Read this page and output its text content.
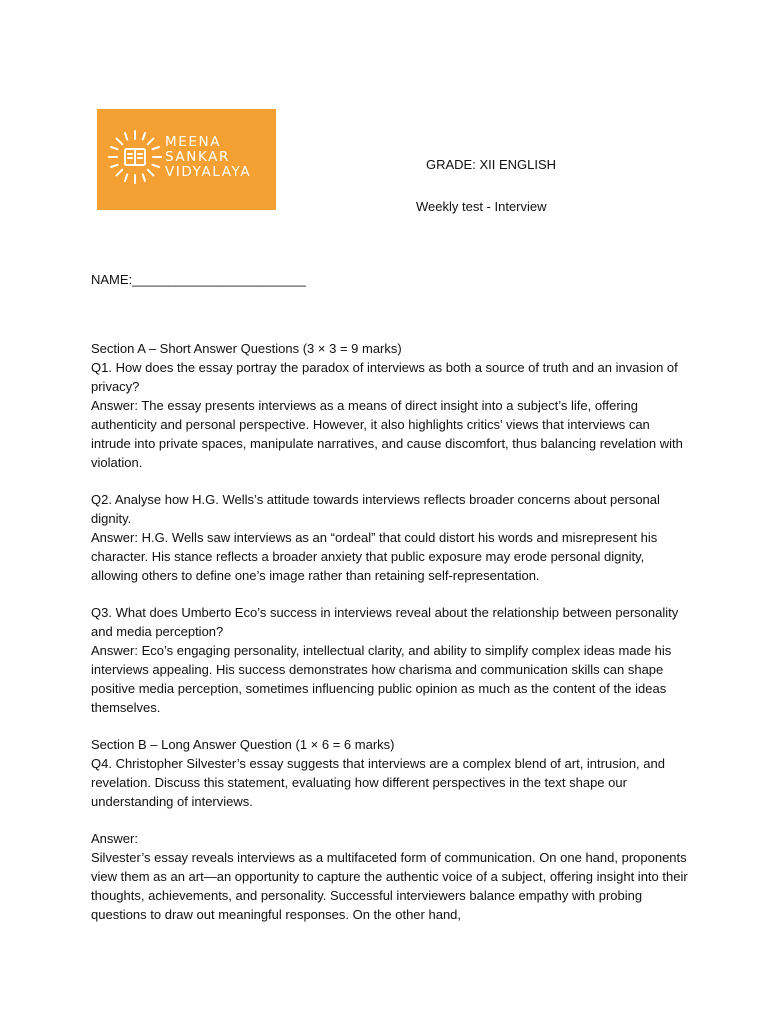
MEENA
SANKAR
VIDYALAYA	GRADE: XII ENGLISH
Weekly test - Interview
NAME:________________________

Section A – Short Answer Questions (3 × 3 = 9 marks)

Q1. How does the essay portray the paradox of interviews as both a source of truth and an invasion of privacy?

Answer: The essay presents interviews as a means of direct insight into a subject’s life, offering authenticity and personal perspective. However, it also highlights critics’ views that interviews can intrude into private spaces, manipulate narratives, and cause discomfort, thus balancing revelation with violation.

Q2. Analyse how H.G. Wells’s attitude towards interviews reflects broader concerns about personal dignity.

Answer: H.G. Wells saw interviews as an “ordeal” that could distort his words and misrepresent his character. His stance reflects a broader anxiety that public exposure may erode personal dignity, allowing others to define one’s image rather than retaining self-representation.

Q3. What does Umberto Eco’s success in interviews reveal about the relationship between personality and media perception?

Answer: Eco’s engaging personality, intellectual clarity, and ability to simplify complex ideas made his interviews appealing. His success demonstrates how charisma and communication skills can shape positive media perception, sometimes influencing public opinion as much as the content of the ideas themselves.

Section B – Long Answer Question (1 × 6 = 6 marks)

Q4. Christopher Silvester’s essay suggests that interviews are a complex blend of art, intrusion, and revelation. Discuss this statement, evaluating how different perspectives in the text shape our understanding of interviews.

Answer:

Silvester’s essay reveals interviews as a multifaceted form of communication. On one hand, proponents view them as an art—an opportunity to capture the authentic voice of a subject, offering insight into their thoughts, achievements, and personality. Successful interviewers balance empathy with probing questions to draw out meaningful responses. On the other hand,
